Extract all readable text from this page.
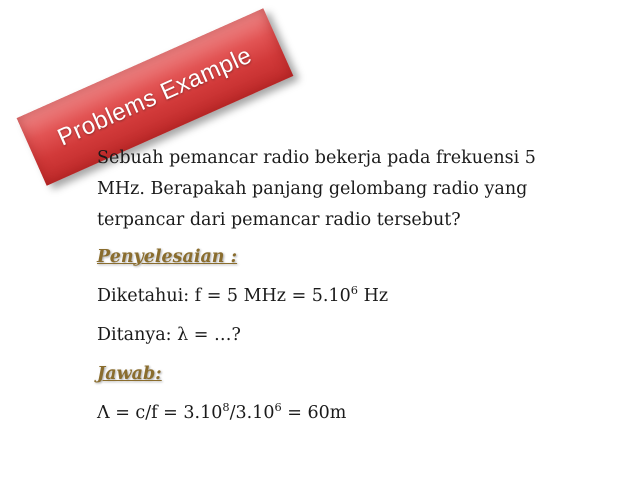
Problems Example

Sebuah pemancar radio bekerja pada frekuensi 5

MHz. Berapakah panjang gelombang radio yang

terpancar dari pemancar radio tersebut?

Penyelesaian :

Diketahui: f = 5 MHz = $5.10^6$ Hz

Ditanya: λ = …?

Jawab:

$\Lambda = c/f = 3.10^8/3.10^6 = 60m$
